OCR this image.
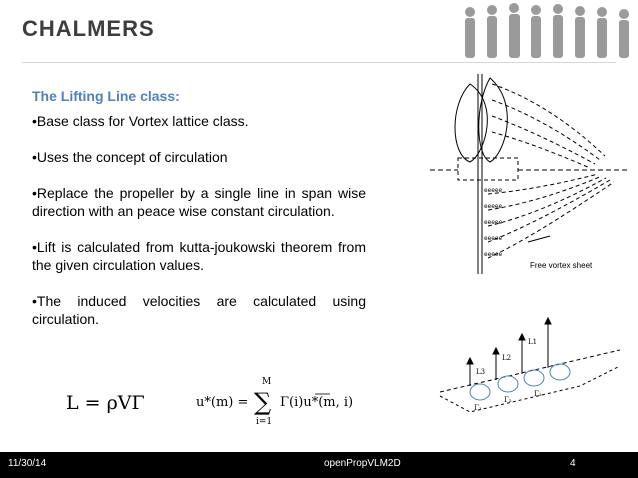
CHALMERS
The Lifting Line class:

•Base class for Vortex lattice class.

•Uses the concept of circulation

•Replace the propeller by a single line in span wise direction with an peace wise constant circulation.

•Lift is calculated from kutta-joukowski theorem from the given circulation values.

•The induced velocities are calculated using circulation.

L = ρVΓ	u*(m) =
M
∑
i=1
Γ(i)u*(m, i)
eeeee
eeeee
eeeee
eeeee
eeeee
Free vortex sheet
L1
L2
L3
Γ₁
Γ₂
Γ₃
11/30/14	openPropVLM2D	4
